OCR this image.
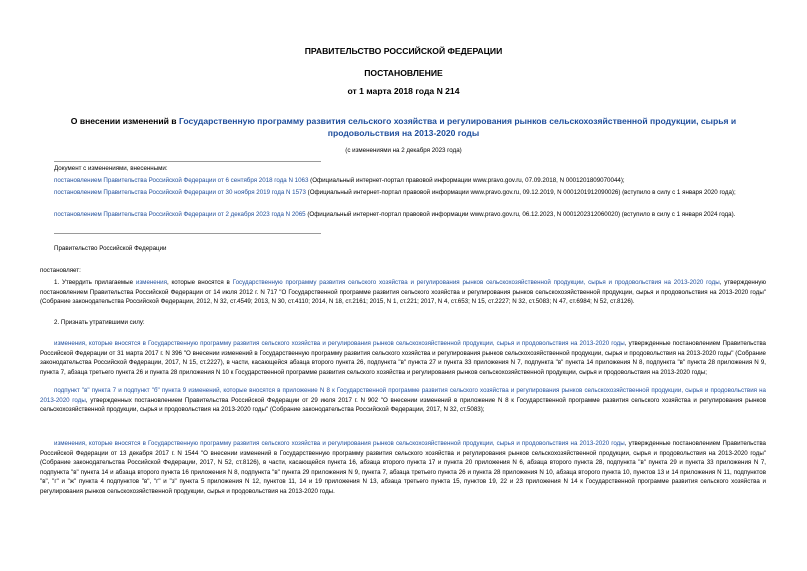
ПРАВИТЕЛЬСТВО РОССИЙСКОЙ ФЕДЕРАЦИИ
ПОСТАНОВЛЕНИЕ
от 1 марта 2018 года N 214
О внесении изменений в Государственную программу развития сельского хозяйства и регулирования рынков сельскохозяйственной продукции, сырья и продовольствия на 2013-2020 годы
(с изменениями на 2 декабря 2023 года)
Документ с изменениями, внесенными:
постановлением Правительства Российской Федерации от 6 сентября 2018 года N 1063 (Официальный интернет-портал правовой информации www.pravo.gov.ru, 07.09.2018, N 0001201809070044);
постановлением Правительства Российской Федерации от 30 ноября 2019 года N 1573 (Официальный интернет-портал правовой информации www.pravo.gov.ru, 09.12.2019, N 0001201912090026) (вступило в силу с 1 января 2020 года);
постановлением Правительства Российской Федерации от 2 декабря 2023 года N 2065 (Официальный интернет-портал правовой информации www.pravo.gov.ru, 06.12.2023, N 0001202312060020) (вступило в силу с 1 января 2024 года).
Правительство Российской Федерации
постановляет:
1. Утвердить прилагаемые изменения, которые вносятся в Государственную программу развития сельского хозяйства и регулирования рынков сельскохозяйственной продукции, сырья и продовольствия на 2013-2020 годы, утвержденную постановлением Правительства Российской Федерации от 14 июля 2012 г. N 717 "О Государственной программе развития сельского хозяйства и регулирования рынков сельскохозяйственной продукции, сырья и продовольствия на 2013-2020 годы" (Собрание законодательства Российской Федерации, 2012, N 32, ст.4549; 2013, N 30, ст.4110; 2014, N 18, ст.2161; 2015, N 1, ст.221; 2017, N 4, ст.653; N 15, ст.2227; N 32, ст.5083; N 47, ст.6984; N 52, ст.8126).
2. Признать утратившими силу:
изменения, которые вносятся в Государственную программу развития сельского хозяйства и регулирования рынков сельскохозяйственной продукции, сырья и продовольствия на 2013-2020 годы, утвержденные постановлением Правительства Российской Федерации от 31 марта 2017 г. N 396 "О внесении изменений в Государственную программу развития сельского хозяйства и регулирования рынков сельскохозяйственной продукции, сырья и продовольствия на 2013-2020 годы" (Собрание законодательства Российской Федерации, 2017, N 15, ст.2227), в части, касающейся абзаца второго пункта 26, подпункта "в" пункта 27 и пункта 33 приложения N 7, подпункта "в" пункта 14 приложения N 8, подпункта "в" пункта 28 приложения N 9, пункта 7, абзаца третьего пункта 26 и пункта 28 приложения N 10 к Государственной программе развития сельского хозяйства и регулирования рынков сельскохозяйственной продукции, сырья и продовольствия на 2013-2020 годы;
подпункт "в" пункта 7 и подпункт "б" пункта 9 изменений, которые вносятся в приложение N 8 к Государственной программе развития сельского хозяйства и регулирования рынков сельскохозяйственной продукции, сырья и продовольствия на 2013-2020 годы, утвержденных постановлением Правительства Российской Федерации от 29 июля 2017 г. N 902 "О внесении изменений в приложение N 8 к Государственной программе развития сельского хозяйства и регулирования рынков сельскохозяйственной продукции, сырья и продовольствия на 2013-2020 годы" (Собрание законодательства Российской Федерации, 2017, N 32, ст.5083);
изменения, которые вносятся в Государственную программу развития сельского хозяйства и регулирования рынков сельскохозяйственной продукции, сырья и продовольствия на 2013-2020 годы, утвержденные постановлением Правительства Российской Федерации от 13 декабря 2017 г. N 1544 "О внесении изменений в Государственную программу развития сельского хозяйства и регулирования рынков сельскохозяйственной продукции, сырья и продовольствия на 2013-2020 годы" (Собрание законодательства Российской Федерации, 2017, N 52, ст.8126), в части, касающейся пункта 16, абзаца второго пункта 17 и пункта 20 приложения N 6, абзаца второго пункта 28, подпункта "в" пункта 29 и пункта 33 приложения N 7, подпункта "в" пункта 14 и абзаца второго пункта 16 приложения N 8, подпункта "в" пункта 29 приложения N 9, пункта 7, абзаца третьего пункта 26 и пункта 28 приложения N 10, абзаца второго пункта 10, пунктов 13 и 14 приложения N 11, подпунктов "в", "г" и "ж" пункта 4 подпунктов "в", "г" и "з" пункта 5 приложения N 12, пунктов 11, 14 и 19 приложения N 13, абзаца третьего пункта 15, пунктов 19, 22 и 23 приложения N 14 к Государственной программе развития сельского хозяйства и регулирования рынков сельскохозяйственной продукции, сырья и продовольствия на 2013-2020 годы.
